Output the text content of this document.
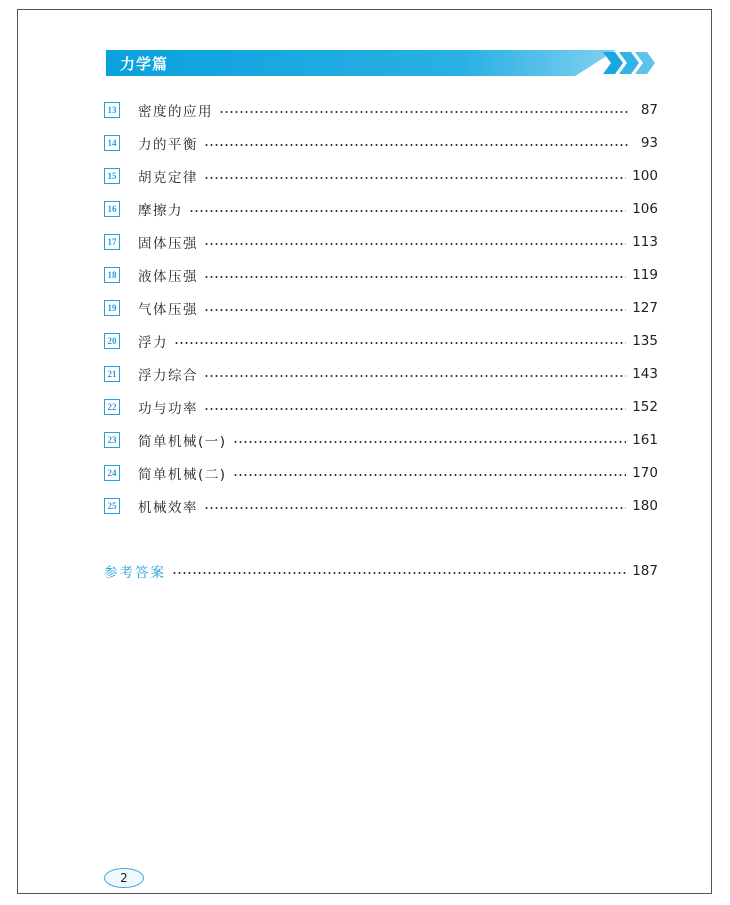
力学篇
13 密度的应用	87
14 力的平衡	93
15 胡克定律	100
16 摩擦力	106
17 固体压强	113
18 液体压强	119
19 气体压强	127
20 浮力	135
21 浮力综合	143
22 功与功率	152
23 简单机械(一)	161
24 简单机械(二)	170
25 机械效率	180
参考答案	187
2
